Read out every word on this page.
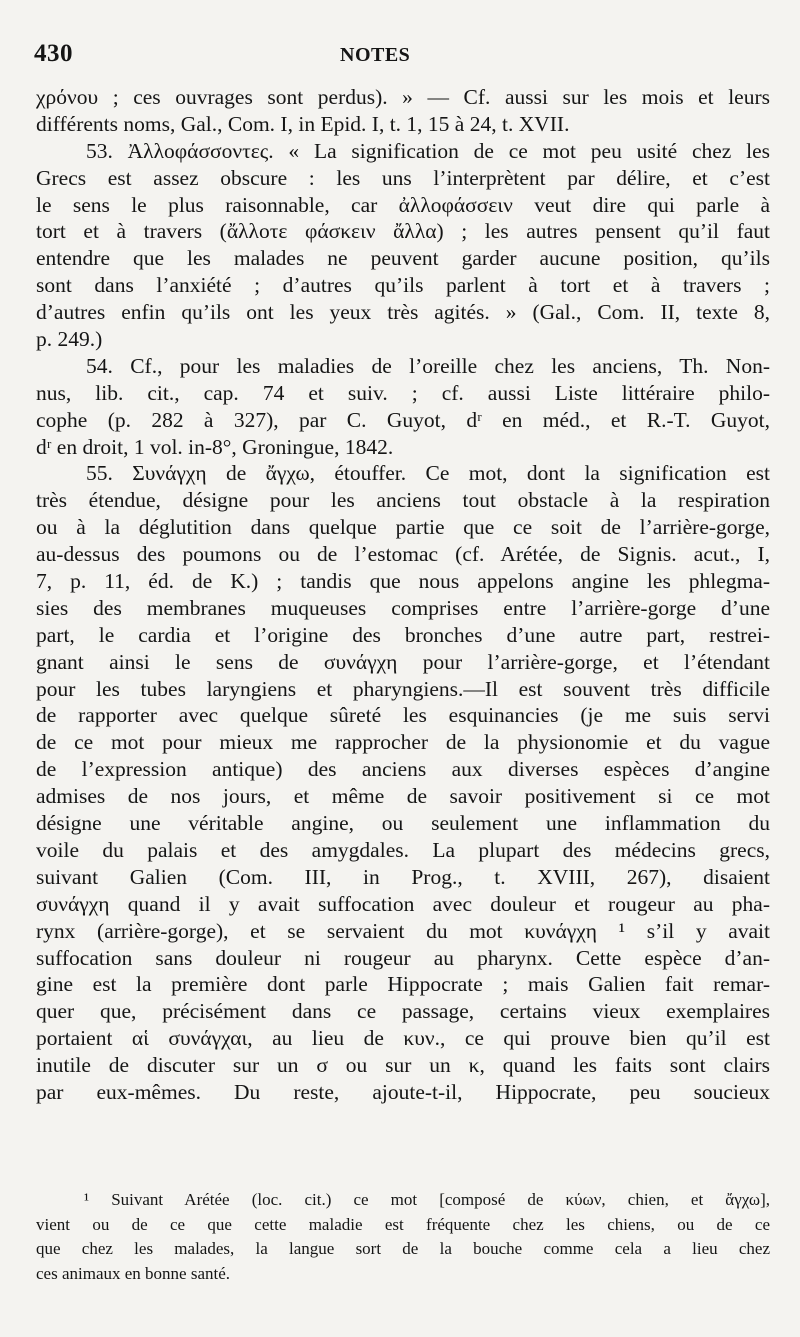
430	NOTES
χρόνου ; ces ouvrages sont perdus). » — Cf. aussi sur les mois et leurs
différents noms, Gal., Com. I, in Epid. I, t. 1, 15 à 24, t. XVII.
53. Ἀλλοφάσσοντες. « La signification de ce mot peu usité chez les
Grecs est assez obscure : les uns l’interprètent par délire, et c’est
le sens le plus raisonnable, car ἀλλοφάσσειν veut dire qui parle à
tort et à travers (ἄλλοτε φάσκειν ἄλλα) ; les autres pensent qu’il faut
entendre que les malades ne peuvent garder aucune position, qu’ils
sont dans l’anxiété ; d’autres qu’ils parlent à tort et à travers ;
d’autres enfin qu’ils ont les yeux très agités. » (Gal., Com. II, texte 8,
p. 249.)
54. Cf., pour les maladies de l’oreille chez les anciens, Th. Non-
nus, lib. cit., cap. 74 et suiv. ; cf. aussi Liste littéraire philo-
cophe (p. 282 à 327), par C. Guyot, dʳ en méd., et R.-T. Guyot,
dʳ en droit, 1 vol. in-8°, Groningue, 1842.
55. Συνάγχη de ἄγχω, étouffer. Ce mot, dont la signification est
très étendue, désigne pour les anciens tout obstacle à la respiration
ou à la déglutition dans quelque partie que ce soit de l’arrière-gorge,
au-dessus des poumons ou de l’estomac (cf. Arétée, de Signis. acut., I,
7, p. 11, éd. de K.) ; tandis que nous appelons angine les phlegma-
sies des membranes muqueuses comprises entre l’arrière-gorge d’une
part, le cardia et l’origine des bronches d’une autre part, restrei-
gnant ainsi le sens de συνάγχη pour l’arrière-gorge, et l’étendant
pour les tubes laryngiens et pharyngiens.—Il est souvent très difficile
de rapporter avec quelque sûreté les esquinancies (je me suis servi
de ce mot pour mieux me rapprocher de la physionomie et du vague
de l’expression antique) des anciens aux diverses espèces d’angine
admises de nos jours, et même de savoir positivement si ce mot
désigne une véritable angine, ou seulement une inflammation du
voile du palais et des amygdales. La plupart des médecins grecs,
suivant Galien (Com. III, in Prog., t. XVIII, 267), disaient
συνάγχη quand il y avait suffocation avec douleur et rougeur au pha-
rynx (arrière-gorge), et se servaient du mot κυνάγχη ¹ s’il y avait
suffocation sans douleur ni rougeur au pharynx. Cette espèce d’an-
gine est la première dont parle Hippocrate ; mais Galien fait remar-
quer que, précisément dans ce passage, certains vieux exemplaires
portaient αἱ συνάγχαι, au lieu de κυν., ce qui prouve bien qu’il est
inutile de discuter sur un σ ou sur un κ, quand les faits sont clairs
par eux-mêmes. Du reste, ajoute-t-il, Hippocrate, peu soucieux
¹ Suivant Arétée (loc. cit.) ce mot [composé de κύων, chien, et ἄγχω],
vient ou de ce que cette maladie est fréquente chez les chiens, ou de ce
que chez les malades, la langue sort de la bouche comme cela a lieu chez
ces animaux en bonne santé.
